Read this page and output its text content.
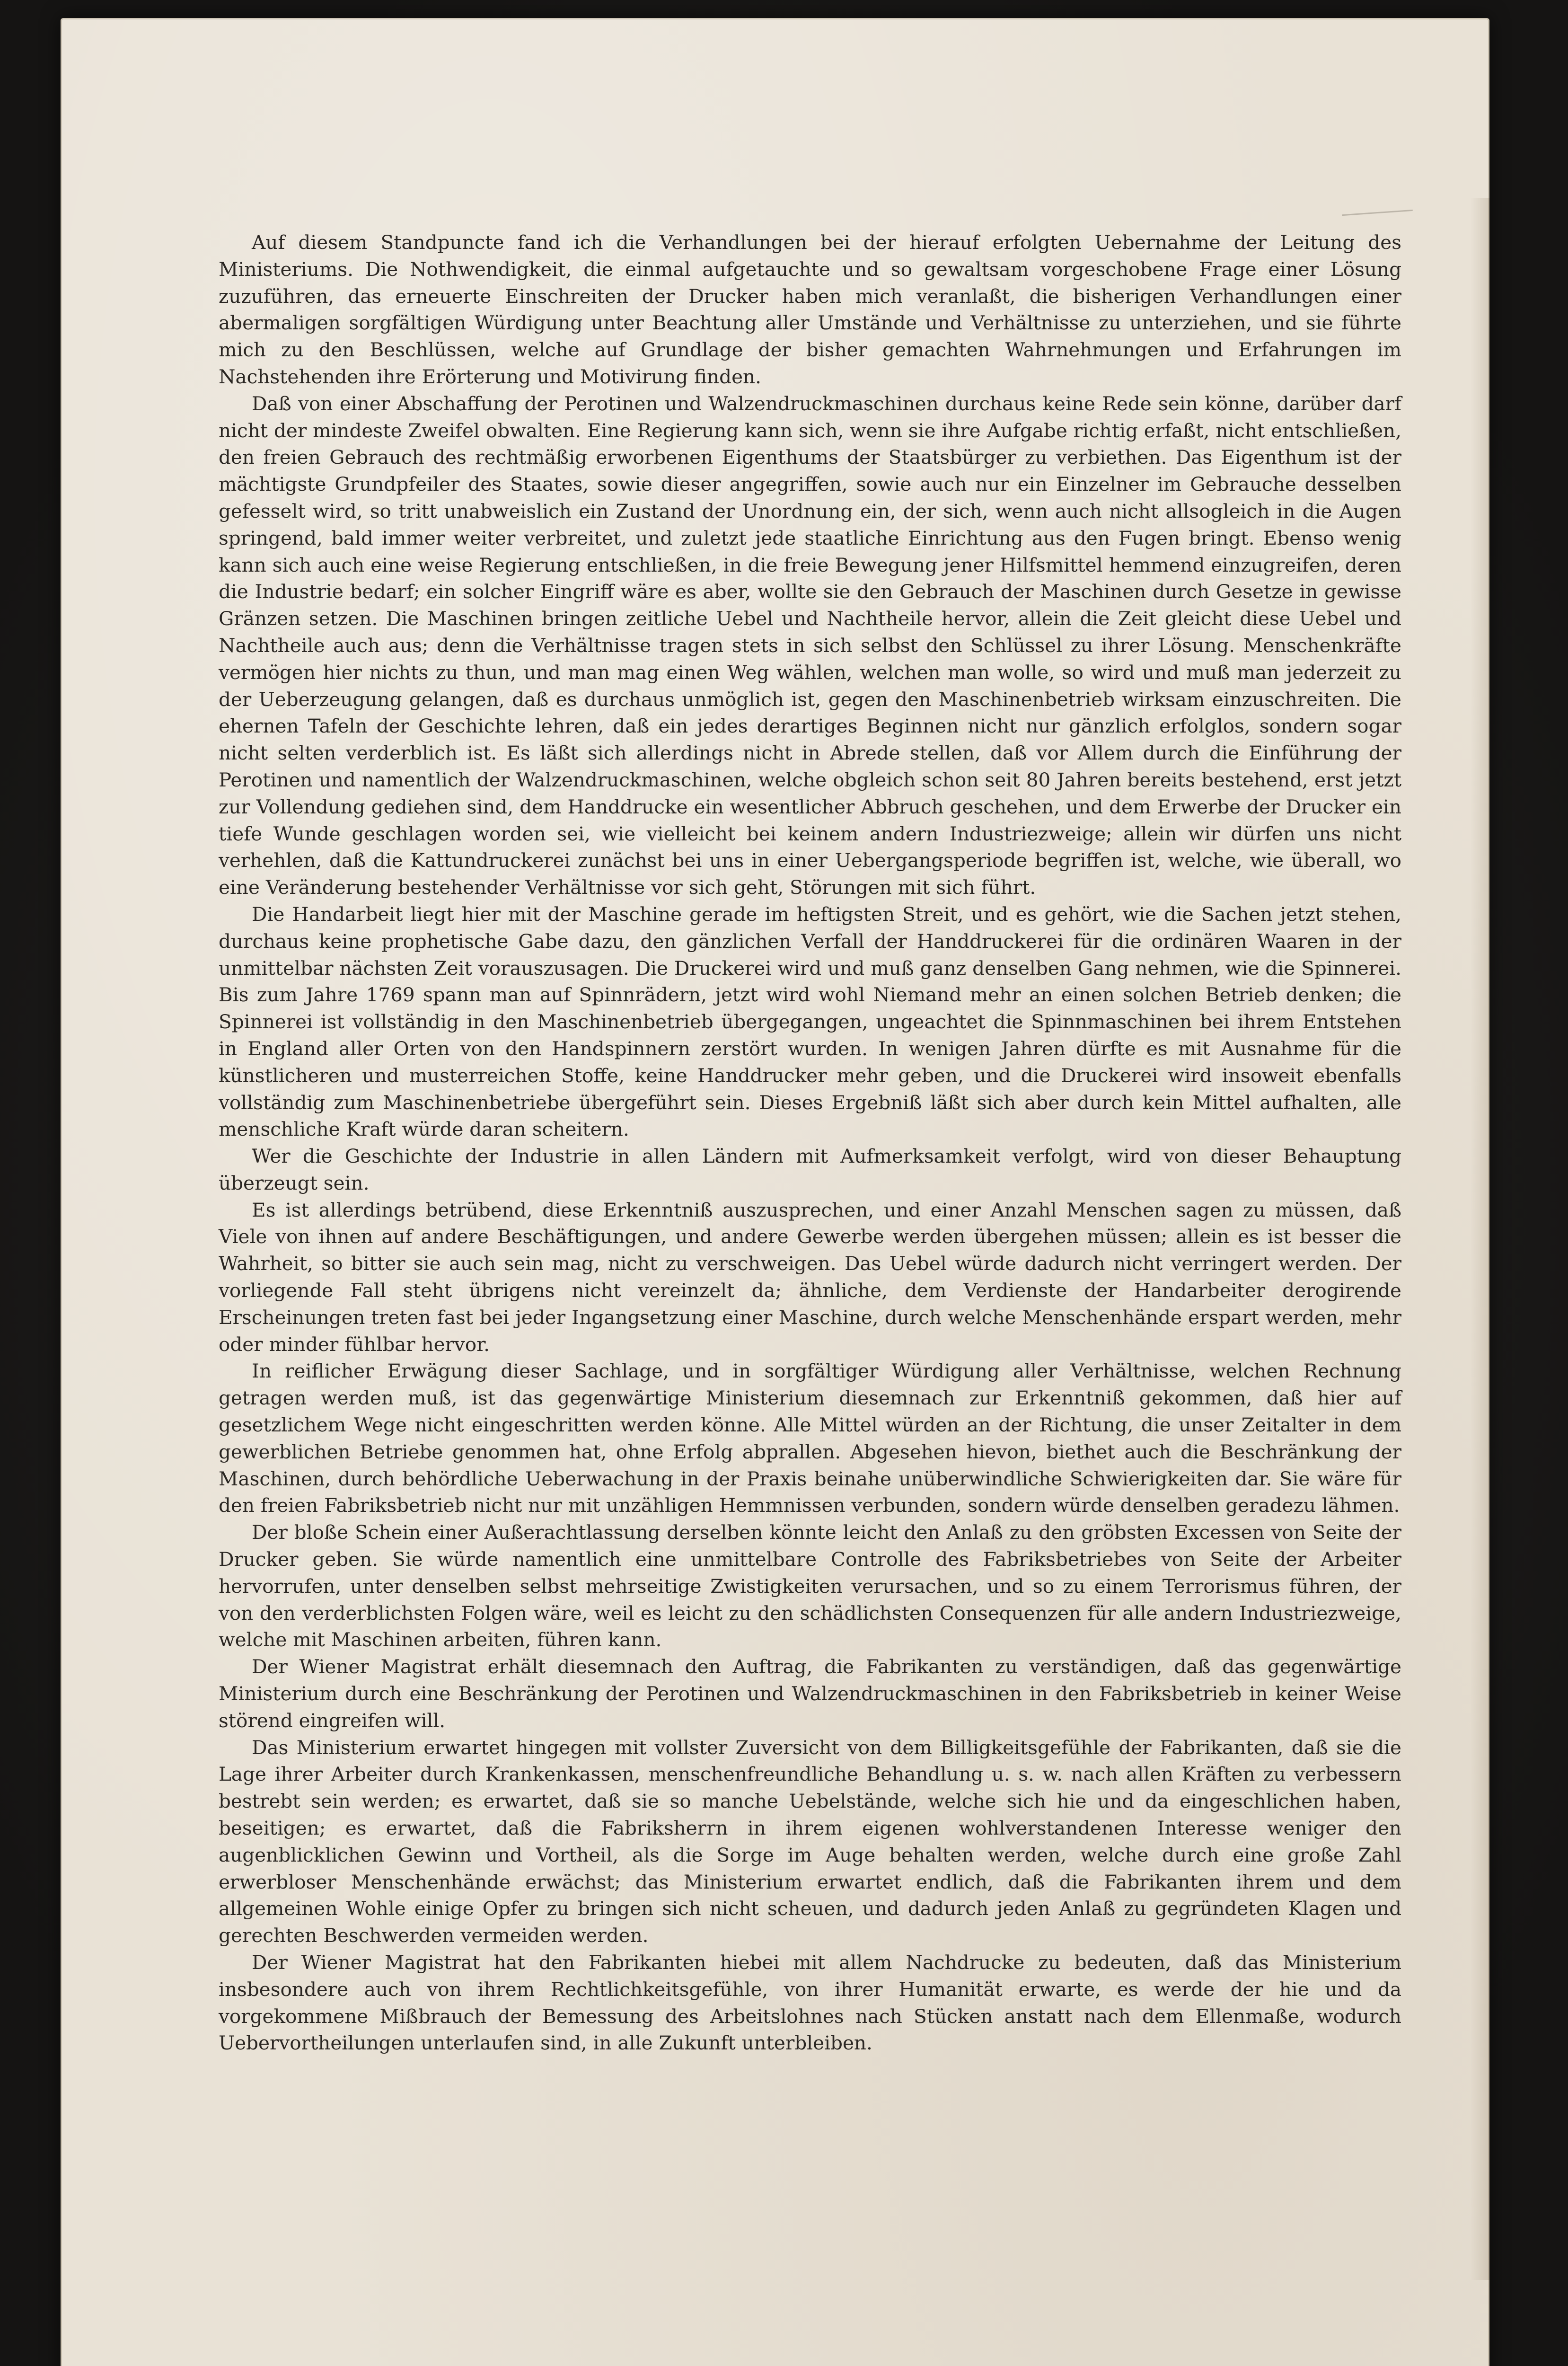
Auf diesem Standpuncte fand ich die Verhandlungen bei der hierauf erfolgten Uebernahme der Leitung des Ministeriums. Die Nothwendigkeit, die einmal aufgetauchte und so gewaltsam vorgeschobene Frage einer Lösung zuzuführen, das erneuerte Einschreiten der Drucker haben mich veranlaßt, die bisherigen Verhandlungen einer abermaligen sorgfältigen Würdigung unter Beachtung aller Umstände und Verhältnisse zu unterziehen, und sie führte mich zu den Beschlüssen, welche auf Grundlage der bisher gemachten Wahrnehmungen und Erfahrungen im Nachstehenden ihre Erörterung und Motivirung finden.

Daß von einer Abschaffung der Perotinen und Walzendruckmaschinen durchaus keine Rede sein könne, darüber darf nicht der mindeste Zweifel obwalten. Eine Regierung kann sich, wenn sie ihre Aufgabe richtig erfaßt, nicht entschließen, den freien Gebrauch des rechtmäßig erworbenen Eigenthums der Staatsbürger zu verbiethen. Das Eigenthum ist der mächtigste Grundpfeiler des Staates, sowie dieser angegriffen, sowie auch nur ein Einzelner im Gebrauche desselben gefesselt wird, so tritt unabweislich ein Zustand der Unordnung ein, der sich, wenn auch nicht allsogleich in die Augen springend, bald immer weiter verbreitet, und zuletzt jede staatliche Einrichtung aus den Fugen bringt. Ebenso wenig kann sich auch eine weise Regierung entschließen, in die freie Bewegung jener Hilfsmittel hemmend einzugreifen, deren die Industrie bedarf; ein solcher Eingriff wäre es aber, wollte sie den Gebrauch der Maschinen durch Gesetze in gewisse Gränzen setzen. Die Maschinen bringen zeitliche Uebel und Nachtheile hervor, allein die Zeit gleicht diese Uebel und Nachtheile auch aus; denn die Verhältnisse tragen stets in sich selbst den Schlüssel zu ihrer Lösung. Menschenkräfte vermögen hier nichts zu thun, und man mag einen Weg wählen, welchen man wolle, so wird und muß man jederzeit zu der Ueberzeugung gelangen, daß es durchaus unmöglich ist, gegen den Maschinenbetrieb wirksam einzuschreiten. Die ehernen Tafeln der Geschichte lehren, daß ein jedes derartiges Beginnen nicht nur gänzlich erfolglos, sondern sogar nicht selten verderblich ist. Es läßt sich allerdings nicht in Abrede stellen, daß vor Allem durch die Einführung der Perotinen und namentlich der Walzendruckmaschinen, welche obgleich schon seit 80 Jahren bereits bestehend, erst jetzt zur Vollendung gediehen sind, dem Handdrucke ein wesentlicher Abbruch geschehen, und dem Erwerbe der Drucker ein tiefe Wunde geschlagen worden sei, wie vielleicht bei keinem andern Industriezweige; allein wir dürfen uns nicht verhehlen, daß die Kattundruckerei zunächst bei uns in einer Uebergangsperiode begriffen ist, welche, wie überall, wo eine Veränderung bestehender Verhältnisse vor sich geht, Störungen mit sich führt.

Die Handarbeit liegt hier mit der Maschine gerade im heftigsten Streit, und es gehört, wie die Sachen jetzt stehen, durchaus keine prophetische Gabe dazu, den gänzlichen Verfall der Handdruckerei für die ordinären Waaren in der unmittelbar nächsten Zeit vorauszusagen. Die Druckerei wird und muß ganz denselben Gang nehmen, wie die Spinnerei. Bis zum Jahre 1769 spann man auf Spinnrädern, jetzt wird wohl Niemand mehr an einen solchen Betrieb denken; die Spinnerei ist vollständig in den Maschinenbetrieb übergegangen, ungeachtet die Spinnmaschinen bei ihrem Entstehen in England aller Orten von den Handspinnern zerstört wurden. In wenigen Jahren dürfte es mit Ausnahme für die künstlicheren und musterreichen Stoffe, keine Handdrucker mehr geben, und die Druckerei wird insoweit ebenfalls vollständig zum Maschinenbetriebe übergeführt sein. Dieses Ergebniß läßt sich aber durch kein Mittel aufhalten, alle menschliche Kraft würde daran scheitern.

Wer die Geschichte der Industrie in allen Ländern mit Aufmerksamkeit verfolgt, wird von dieser Behauptung überzeugt sein.

Es ist allerdings betrübend, diese Erkenntniß auszusprechen, und einer Anzahl Menschen sagen zu müssen, daß Viele von ihnen auf andere Beschäftigungen, und andere Gewerbe werden übergehen müssen; allein es ist besser die Wahrheit, so bitter sie auch sein mag, nicht zu verschweigen. Das Uebel würde dadurch nicht verringert werden. Der vorliegende Fall steht übrigens nicht vereinzelt da; ähnliche, dem Verdienste der Handarbeiter derogirende Erscheinungen treten fast bei jeder Ingangsetzung einer Maschine, durch welche Menschenhände erspart werden, mehr oder minder fühlbar hervor.

In reiflicher Erwägung dieser Sachlage, und in sorgfältiger Würdigung aller Verhältnisse, welchen Rechnung getragen werden muß, ist das gegenwärtige Ministerium diesemnach zur Erkenntniß gekommen, daß hier auf gesetzlichem Wege nicht eingeschritten werden könne. Alle Mittel würden an der Richtung, die unser Zeitalter in dem gewerblichen Betriebe genommen hat, ohne Erfolg abprallen. Abgesehen hievon, biethet auch die Beschränkung der Maschinen, durch behördliche Ueberwachung in der Praxis beinahe unüberwindliche Schwierigkeiten dar. Sie wäre für den freien Fabriksbetrieb nicht nur mit unzähligen Hemmnissen verbunden, sondern würde denselben geradezu lähmen.

Der bloße Schein einer Außerachtlassung derselben könnte leicht den Anlaß zu den gröbsten Excessen von Seite der Drucker geben. Sie würde namentlich eine unmittelbare Controlle des Fabriksbetriebes von Seite der Arbeiter hervorrufen, unter denselben selbst mehrseitige Zwistigkeiten verursachen, und so zu einem Terrorismus führen, der von den verderblichsten Folgen wäre, weil es leicht zu den schädlichsten Consequenzen für alle andern Industriezweige, welche mit Maschinen arbeiten, führen kann.

Der Wiener Magistrat erhält diesemnach den Auftrag, die Fabrikanten zu verständigen, daß das gegenwärtige Ministerium durch eine Beschränkung der Perotinen und Walzendruckmaschinen in den Fabriksbetrieb in keiner Weise störend eingreifen will.

Das Ministerium erwartet hingegen mit vollster Zuversicht von dem Billigkeitsgefühle der Fabrikanten, daß sie die Lage ihrer Arbeiter durch Krankenkassen, menschenfreundliche Behandlung u. s. w. nach allen Kräften zu verbessern bestrebt sein werden; es erwartet, daß sie so manche Uebelstände, welche sich hie und da eingeschlichen haben, beseitigen; es erwartet, daß die Fabriksherrn in ihrem eigenen wohlverstandenen Interesse weniger den augenblicklichen Gewinn und Vortheil, als die Sorge im Auge behalten werden, welche durch eine große Zahl erwerbloser Menschenhände erwächst; das Ministerium erwartet endlich, daß die Fabrikanten ihrem und dem allgemeinen Wohle einige Opfer zu bringen sich nicht scheuen, und dadurch jeden Anlaß zu gegründeten Klagen und gerechten Beschwerden vermeiden werden.

Der Wiener Magistrat hat den Fabrikanten hiebei mit allem Nachdrucke zu bedeuten, daß das Ministerium insbesondere auch von ihrem Rechtlichkeitsgefühle, von ihrer Humanität erwarte, es werde der hie und da vorgekommene Mißbrauch der Bemessung des Arbeitslohnes nach Stücken anstatt nach dem Ellenmaße, wodurch Uebervortheilungen unterlaufen sind, in alle Zukunft unterbleiben.
